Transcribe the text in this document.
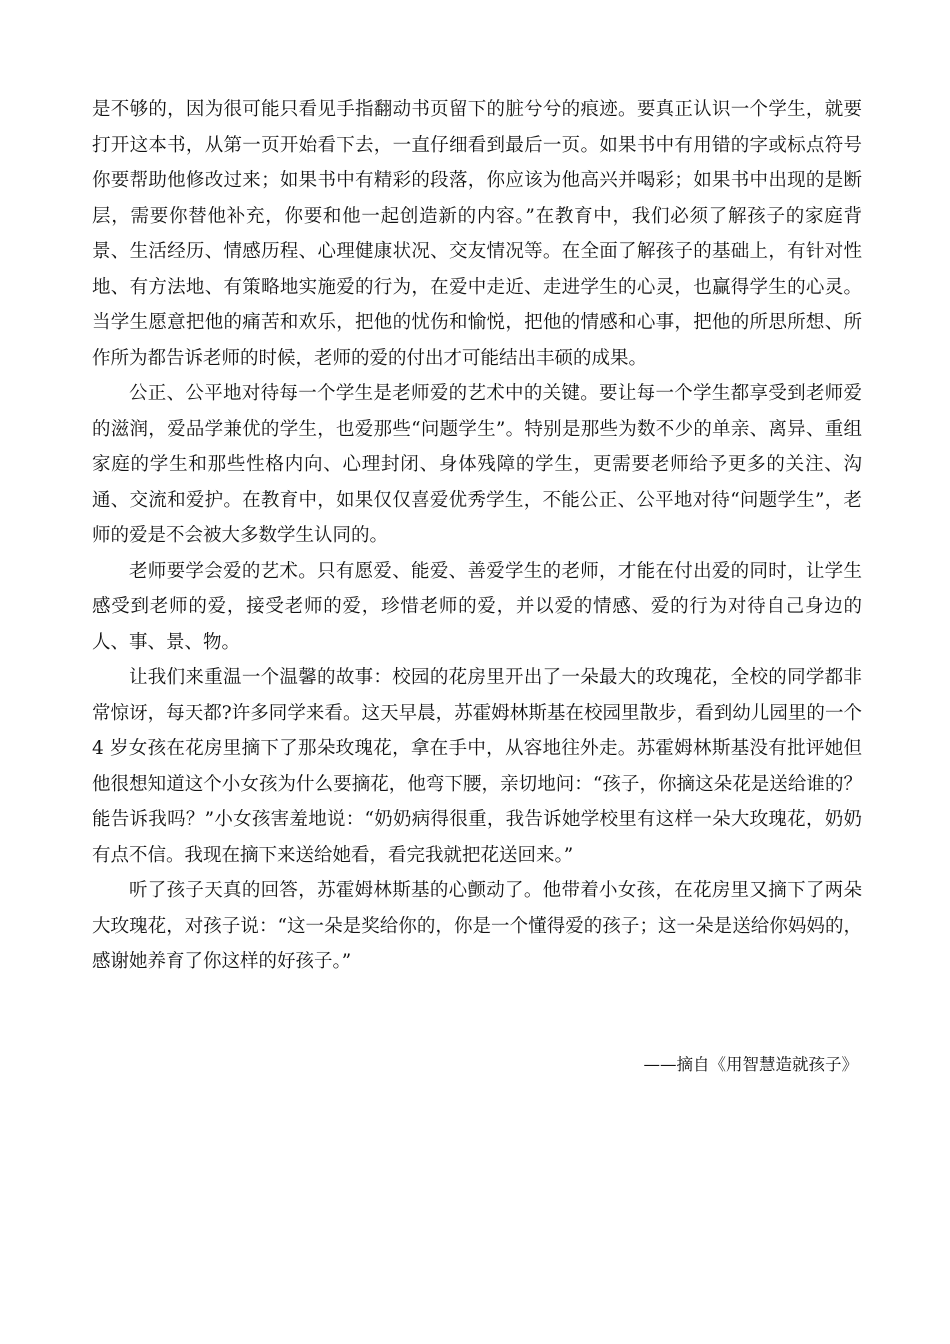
是不够的，因为很可能只看见手指翻动书页留下的脏兮兮的痕迹。要真正认识一个学生，就要打开这本书，从第一页开始看下去，一直仔细看到最后一页。如果书中有用错的字或标点符号你要帮助他修改过来；如果书中有精彩的段落，你应该为他高兴并喝彩；如果书中出现的是断层，需要你替他补充，你要和他一起创造新的内容。”在教育中，我们必须了解孩子的家庭背景、生活经历、情感历程、心理健康状况、交友情况等。在全面了解孩子的基础上，有针对性地、有方法地、有策略地实施爱的行为，在爱中走近、走进学生的心灵，也赢得学生的心灵。当学生愿意把他的痛苦和欢乐，把他的忧伤和愉悦，把他的情感和心事，把他的所思所想、所作所为都告诉老师的时候，老师的爱的付出才可能结出丰硕的成果。

公正、公平地对待每一个学生是老师爱的艺术中的关键。要让每一个学生都享受到老师爱的滋润，爱品学兼优的学生，也爱那些“问题学生”。特别是那些为数不少的单亲、离异、重组家庭的学生和那些性格内向、心理封闭、身体残障的学生，更需要老师给予更多的关注、沟通、交流和爱护。在教育中，如果仅仅喜爱优秀学生，不能公正、公平地对待“问题学生”，老师的爱是不会被大多数学生认同的。

老师要学会爱的艺术。只有愿爱、能爱、善爱学生的老师，才能在付出爱的同时，让学生感受到老师的爱，接受老师的爱，珍惜老师的爱，并以爱的情感、爱的行为对待自己身边的人、事、景、物。

让我们来重温一个温馨的故事：校园的花房里开出了一朵最大的玫瑰花，全校的同学都非常惊讶，每天都?许多同学来看。这天早晨，苏霍姆林斯基在校园里散步，看到幼儿园里的一个 4 岁女孩在花房里摘下了那朵玫瑰花，拿在手中，从容地往外走。苏霍姆林斯基没有批评她但他很想知道这个小女孩为什么要摘花，他弯下腰，亲切地问：“孩子，你摘这朵花是送给谁的？能告诉我吗？”小女孩害羞地说：“奶奶病得很重，我告诉她学校里有这样一朵大玫瑰花，奶奶有点不信。我现在摘下来送给她看，看完我就把花送回来。”

听了孩子天真的回答，苏霍姆林斯基的心颤动了。他带着小女孩，在花房里又摘下了两朵大玫瑰花，对孩子说：“这一朵是奖给你的，你是一个懂得爱的孩子；这一朵是送给你妈妈的，感谢她养育了你这样的好孩子。”

——摘自《用智慧造就孩子》
